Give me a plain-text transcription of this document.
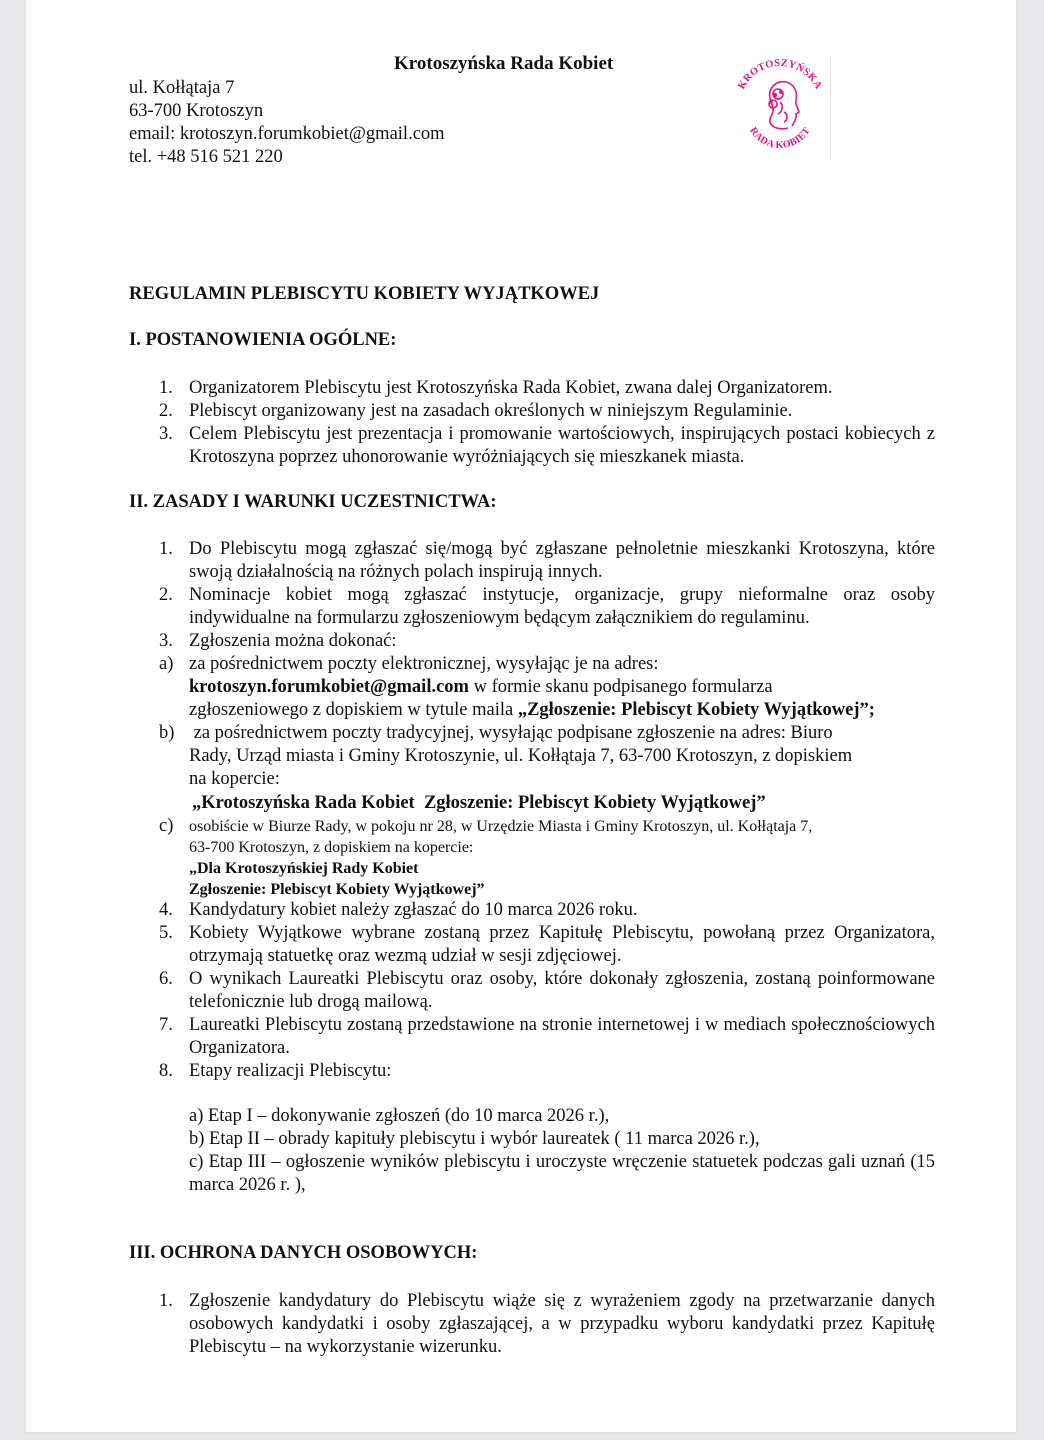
Krotoszyńska Rada Kobiet
ul. Kołłątaja 7
63-700 Krotoszyn
email: krotoszyn.forumkobiet@gmail.com
tel. +48 516 521 220
KROTOSZYŃSKA
RADA KOBIET
REGULAMIN PLEBISCYTU KOBIETY WYJĄTKOWEJ
I. POSTANOWIENIA OGÓLNE:
1. Organizatorem Plebiscytu jest Krotoszyńska Rada Kobiet, zwana dalej Organizatorem.
2. Plebiscyt organizowany jest na zasadach określonych w niniejszym Regulaminie.
3. Celem Plebiscytu jest prezentacja i promowanie wartościowych, inspirujących postaci kobiecych z Krotoszyna poprzez uhonorowanie wyróżniających się mieszkanek miasta.
II. ZASADY I WARUNKI UCZESTNICTWA:
1. Do Plebiscytu mogą zgłaszać się/mogą być zgłaszane pełnoletnie mieszkanki Krotoszyna, które swoją działalnością na różnych polach inspirują innych.
2. Nominacje kobiet mogą zgłaszać instytucje, organizacje, grupy nieformalne oraz osoby indywidualne na formularzu zgłoszeniowym będącym załącznikiem do regulaminu.
3. Zgłoszenia można dokonać:
a) za pośrednictwem poczty elektronicznej, wysyłając je na adres:
krotoszyn.forumkobiet@gmail.com w formie skanu podpisanego formularza
zgłoszeniowego z dopiskiem w tytule maila „Zgłoszenie: Plebiscyt Kobiety Wyjątkowej”;
b) za pośrednictwem poczty tradycyjnej, wysyłając podpisane zgłoszenie na adres: Biuro
Rady, Urząd miasta i Gminy Krotoszynie, ul. Kołłątaja 7, 63-700 Krotoszyn, z dopiskiem
na kopercie:
„Krotoszyńska Rada Kobiet  Zgłoszenie: Plebiscyt Kobiety Wyjątkowej”
c) osobiście w Biurze Rady, w pokoju nr 28, w Urzędzie Miasta i Gminy Krotoszyn, ul. Kołłątaja 7,
63-700 Krotoszyn, z dopiskiem na kopercie:
„Dla Krotoszyńskiej Rady Kobiet
Zgłoszenie: Plebiscyt Kobiety Wyjątkowej”
4. Kandydatury kobiet należy zgłaszać do 10 marca 2026 roku.
5. Kobiety Wyjątkowe wybrane zostaną przez Kapitułę Plebiscytu, powołaną przez Organizatora, otrzymają statuetkę oraz wezmą udział w sesji zdjęciowej.
6. O wynikach Laureatki Plebiscytu oraz osoby, które dokonały zgłoszenia, zostaną poinformowane telefonicznie lub drogą mailową.
7. Laureatki Plebiscytu zostaną przedstawione na stronie internetowej i w mediach społecznościowych Organizatora.
8. Etapy realizacji Plebiscytu:
a) Etap I – dokonywanie zgłoszeń (do 10 marca 2026 r.),
b) Etap II – obrady kapituły plebiscytu i wybór laureatek ( 11 marca 2026 r.),
c) Etap III – ogłoszenie wyników plebiscytu i uroczyste wręczenie statuetek podczas gali uznań (15 marca 2026 r. ),
III. OCHRONA DANYCH OSOBOWYCH:
1. Zgłoszenie kandydatury do Plebiscytu wiąże się z wyrażeniem zgody na przetwarzanie danych osobowych kandydatki i osoby zgłaszającej, a w przypadku wyboru kandydatki przez Kapitułę Plebiscytu – na wykorzystanie wizerunku.
